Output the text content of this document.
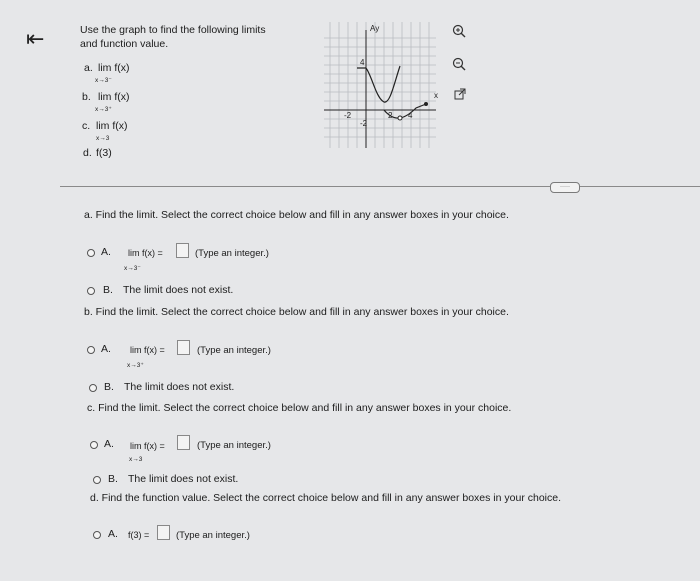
⇤	Use the graph to find the following limits
and function value.
a. lim f(x)
x→3⁻
b. lim f(x)
x→3⁺
c. lim f(x)
x→3
d. f(3)
Ay
x
4
-2
-2	2 4
·····
a. Find the limit. Select the correct choice below and fill in any answer boxes in your choice.
A. lim f(x) =
x→3⁻
(Type an integer.)
B. The limit does not exist.
b. Find the limit. Select the correct choice below and fill in any answer boxes in your choice.
A. lim f(x) =
x→3⁺
(Type an integer.)
B. The limit does not exist.
c. Find the limit. Select the correct choice below and fill in any answer boxes in your choice.
A. lim f(x) =
x→3
(Type an integer.)
B. The limit does not exist.
d. Find the function value. Select the correct choice below and fill in any answer boxes in your choice.
A. f(3) =	(Type an integer.)
